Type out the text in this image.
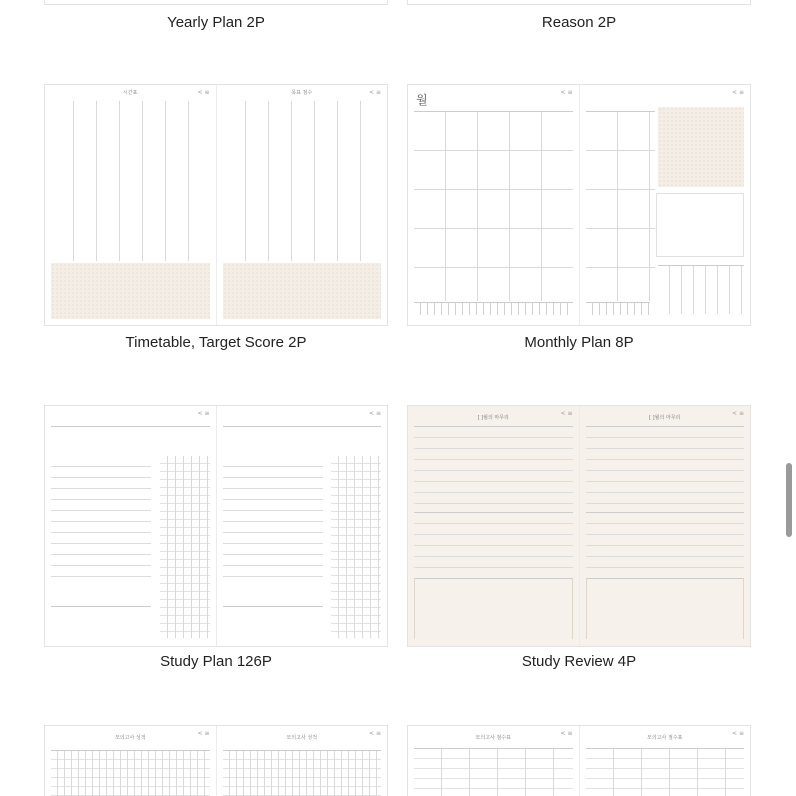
Yearly Plan 2P	Reason 2P
시간표	< ≡	목표 점수	< ≡
Timetable, Target Score 2P
월
< ≡	< ≡
Monthly Plan 8P
< ≡	< ≡
Study Plan 126P
[ ]월의 마무리
< ≡
[ ]월의 마무리
< ≡
Study Review 4P
모의고사 성적
< ≡
모의고사 성적
< ≡
모의고사 점수표
< ≡
모의고사 점수표
< ≡
